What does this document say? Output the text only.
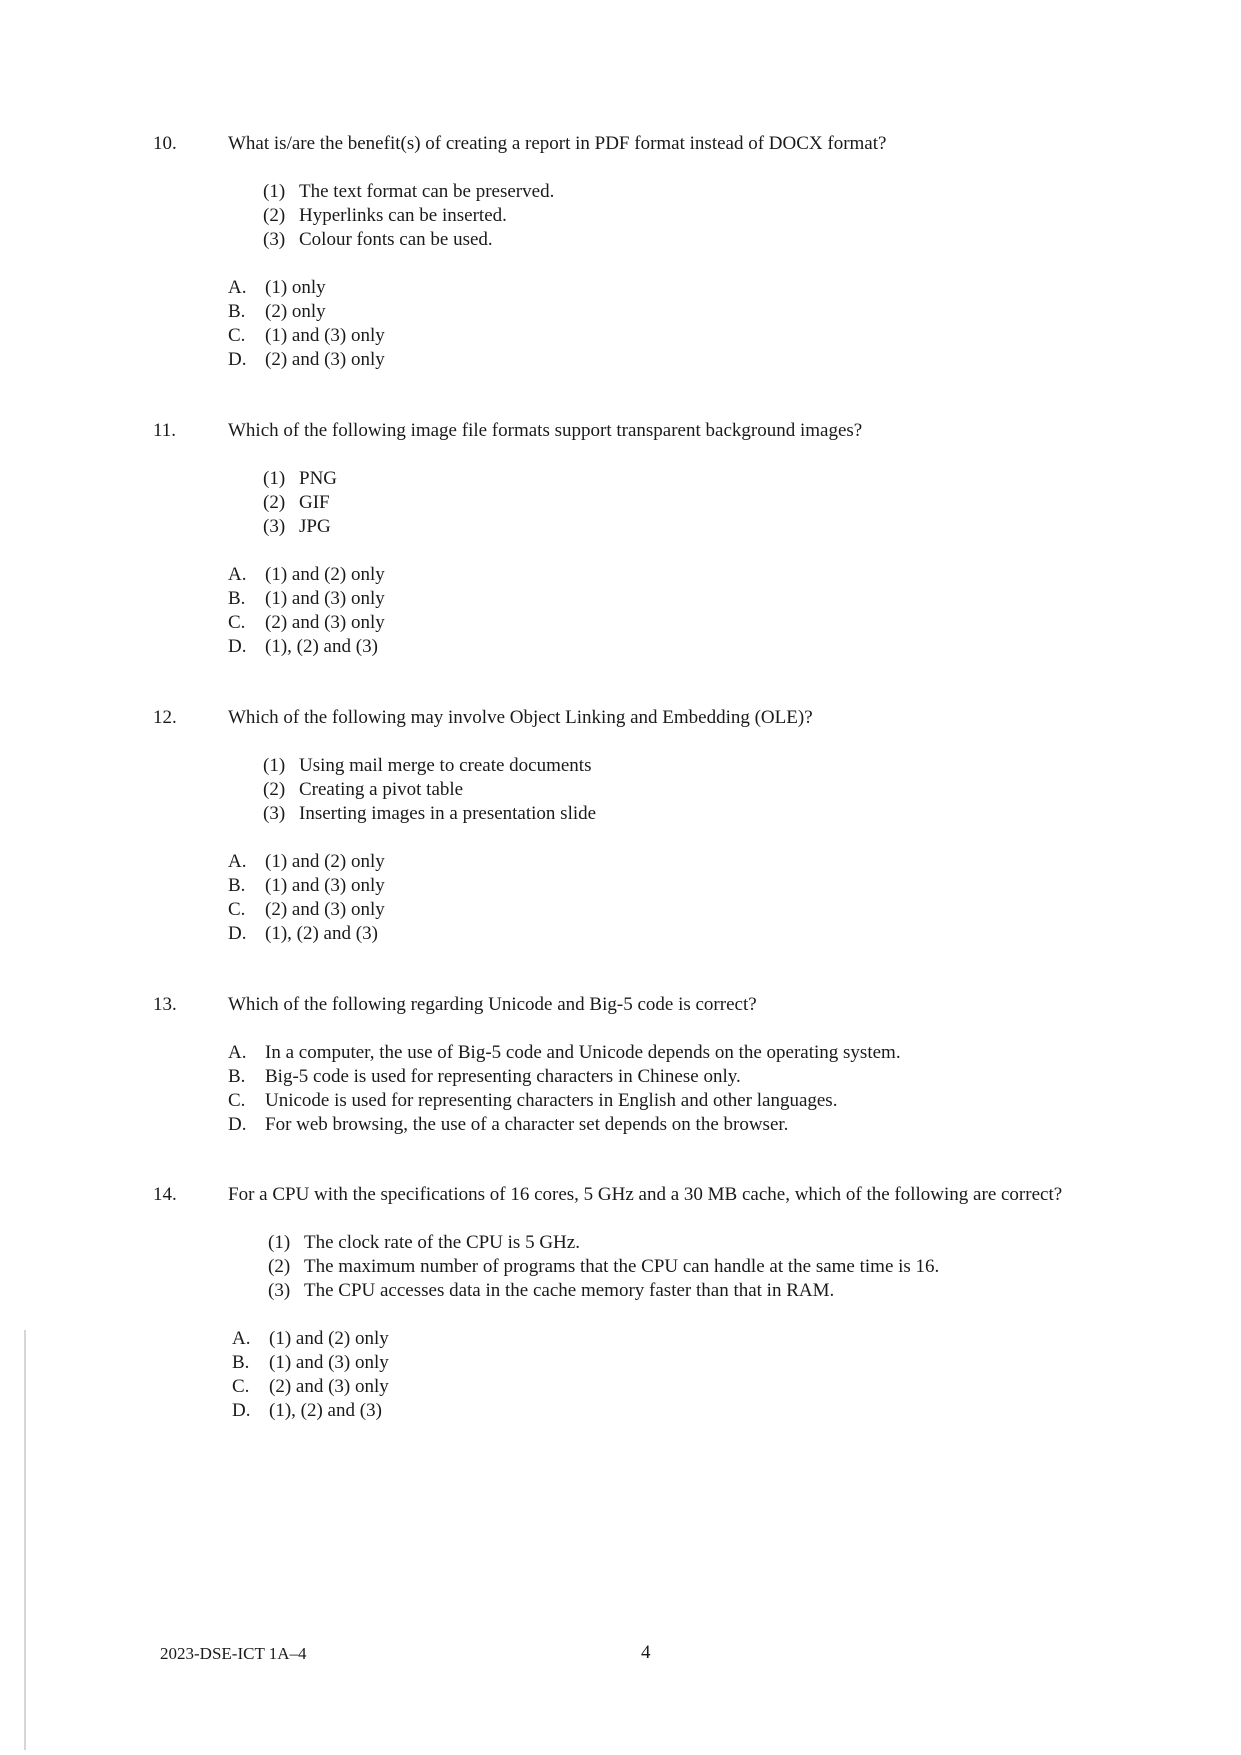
10.	What is/are the benefit(s) of creating a report in PDF format instead of DOCX format?
(1) The text format can be preserved.
(2) Hyperlinks can be inserted.
(3) Colour fonts can be used.
A. (1) only
B. (2) only
C. (1) and (3) only
D. (2) and (3) only
11.	Which of the following image file formats support transparent background images?
(1) PNG
(2) GIF
(3) JPG
A. (1) and (2) only
B. (1) and (3) only
C. (2) and (3) only
D. (1), (2) and (3)
12.	Which of the following may involve Object Linking and Embedding (OLE)?
(1) Using mail merge to create documents
(2) Creating a pivot table
(3) Inserting images in a presentation slide
A. (1) and (2) only
B. (1) and (3) only
C. (2) and (3) only
D. (1), (2) and (3)
13.	Which of the following regarding Unicode and Big-5 code is correct?
A. In a computer, the use of Big-5 code and Unicode depends on the operating system.
B. Big-5 code is used for representing characters in Chinese only.
C. Unicode is used for representing characters in English and other languages.
D. For web browsing, the use of a character set depends on the browser.
14.	For a CPU with the specifications of 16 cores, 5 GHz and a 30 MB cache, which of the following are correct?
(1) The clock rate of the CPU is 5 GHz.
(2) The maximum number of programs that the CPU can handle at the same time is 16.
(3) The CPU accesses data in the cache memory faster than that in RAM.
A. (1) and (2) only
B. (1) and (3) only
C. (2) and (3) only
D. (1), (2) and (3)
2023-DSE-ICT 1A–4	4
